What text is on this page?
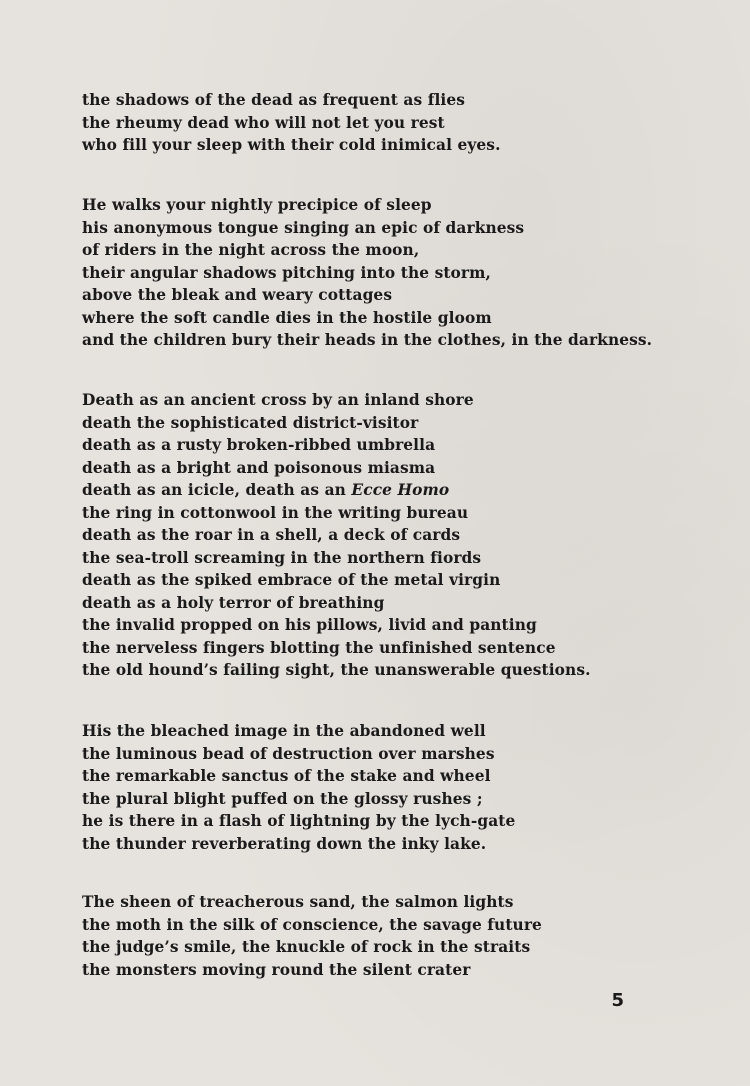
the shadows of the dead as frequent as flies
the rheumy dead who will not let you rest
who fill your sleep with their cold inimical eyes.
He walks your nightly precipice of sleep
his anonymous tongue singing an epic of darkness
of riders in the night across the moon,
their angular shadows pitching into the storm,
above the bleak and weary cottages
where the soft candle dies in the hostile gloom
and the children bury their heads in the clothes, in the darkness.
Death as an ancient cross by an inland shore
death the sophisticated district-visitor
death as a rusty broken-ribbed umbrella
death as a bright and poisonous miasma
death as an icicle, death as an Ecce Homo
the ring in cottonwool in the writing bureau
death as the roar in a shell, a deck of cards
the sea-troll screaming in the northern fiords
death as the spiked embrace of the metal virgin
death as a holy terror of breathing
the invalid propped on his pillows, livid and panting
the nerveless fingers blotting the unfinished sentence
the old hound’s failing sight, the unanswerable questions.
His the bleached image in the abandoned well
the luminous bead of destruction over marshes
the remarkable sanctus of the stake and wheel
the plural blight puffed on the glossy rushes ;
he is there in a flash of lightning by the lych-gate
the thunder reverberating down the inky lake.
The sheen of treacherous sand, the salmon lights
the moth in the silk of conscience, the savage future
the judge’s smile, the knuckle of rock in the straits
the monsters moving round the silent crater
5
